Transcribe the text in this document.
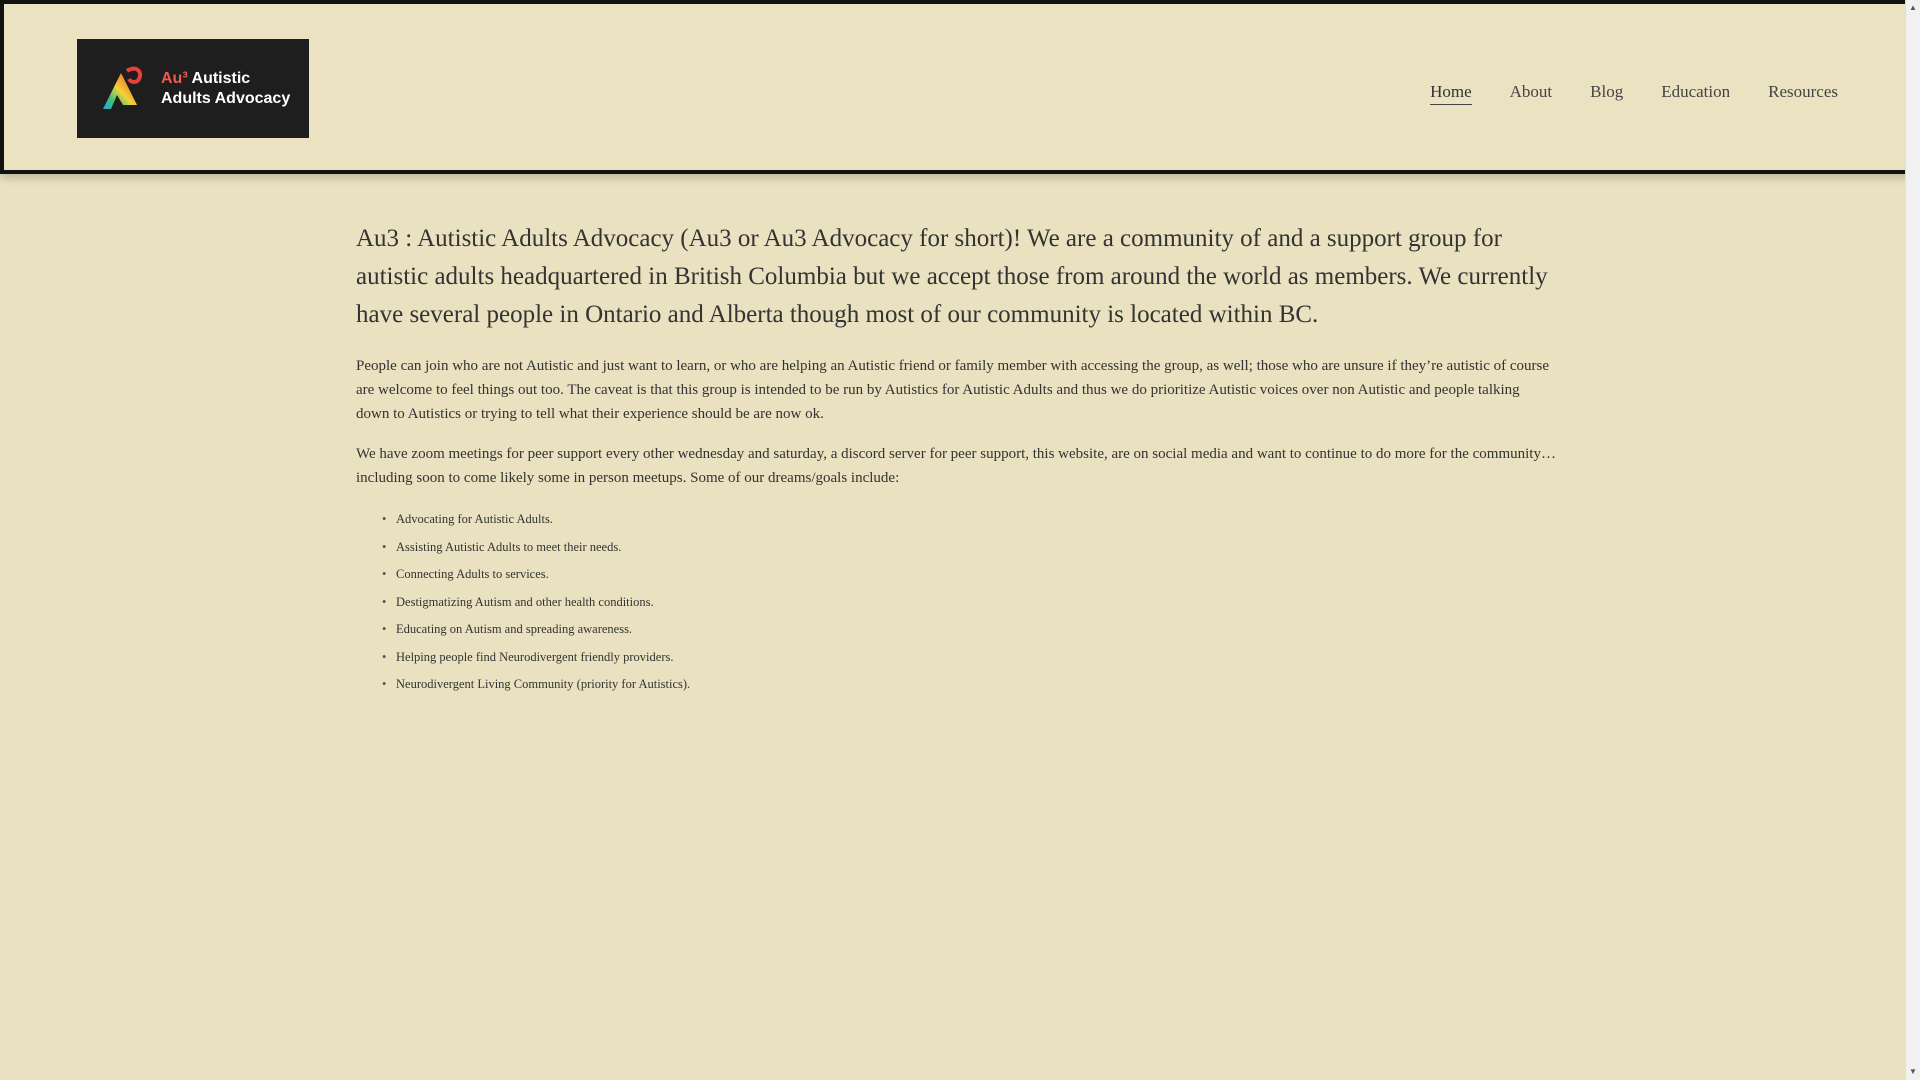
Au³ Autistic
Adults Advocacy	Home About Blog Education Resources

Au3 : Autistic Adults Advocacy (Au3 or Au3 Advocacy for short)! We are a community of and a support group for autistic adults headquartered in British Columbia but we accept those from around the world as members. We currently have several people in Ontario and Alberta though most of our community is located within BC.

People can join who are not Autistic and just want to learn, or who are helping an Autistic friend or family member with accessing the group, as well; those who are unsure if they’re autistic of course are welcome to feel things out too. The caveat is that this group is intended to be run by Autistics for Autistic Adults and thus we do prioritize Autistic voices over non Autistic and people talking down to Autistics or trying to tell what their experience should be are now ok.

We have zoom meetings for peer support every other wednesday and saturday, a discord server for peer support, this website, are on social media and want to continue to do more for the community… including soon to come likely some in person meetups. Some of our dreams/goals include:

• Advocating for Autistic Adults.
• Assisting Autistic Adults to meet their needs.
• Connecting Adults to services.
• Destigmatizing Autism and other health conditions.
• Educating on Autism and spreading awareness.
• Helping people find Neurodivergent friendly providers.
• Neurodivergent Living Community (priority for Autistics).
▲
▼
